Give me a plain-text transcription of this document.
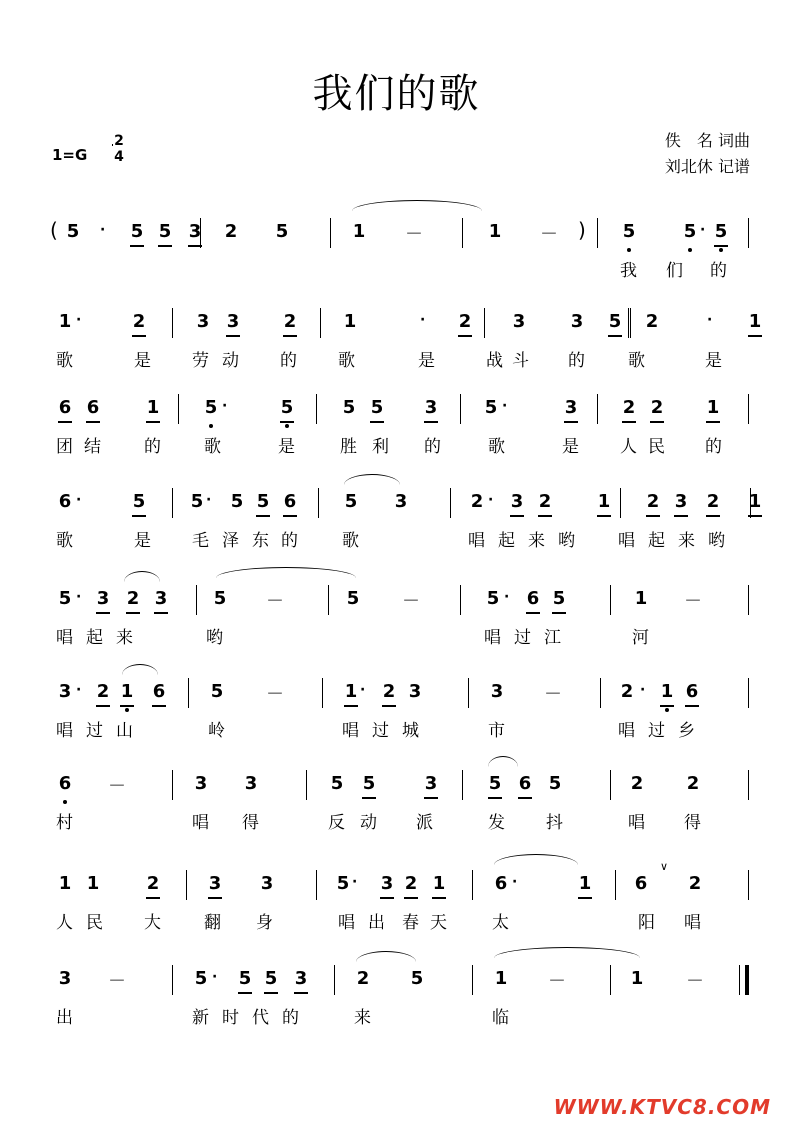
我们的歌
1=G
2
4
佚　名 词曲
刘北休 记谱
( 5 · 5 5 3 2 5	1 －	1 － ) 5	5 · 5
我 们 的
1 ·	2	3 3 2	1	· 2 3	3 5 2	· 1
歌	是 劳 动 的 歌	是	战 斗 的 歌	是
6 6	1	5 ·	5	5 5 3	5 ·	3	2 2 1
团 结 的 歌	是	胜 利 的	歌	是 人 民 的
6 ·	5	5 · 5 5 6	5 3	2 · 3 2	1 2 3 2 1
歌	是 毛 泽 东 的	歌	唱 起 来 哟 唱 起 来 哟
5 · 3 2 3	5 －	5 －	5 · 6 5	1 －
唱 起 来	哟	唱 过 江	河
3 · 2 1 6	5 －	1 · 2 3	3 －	2 · 1 6
唱 过 山	岭	唱 过 城	市	唱 过 乡
6 －	3 3	5 5	3	5 6 5	2 2
村	唱 得	反 动 派	发 抖	唱 得
1 1	2	3 3	5 · 3 2 1	6 ·	1 6 2
∨
人 民 大 翻 身	唱 出 春 天	太	阳 唱
3 －	5 · 5 5 3	2 5	1 －	1 －
出	新 时 代 的	来	临
WWW.KTVC8.COM
